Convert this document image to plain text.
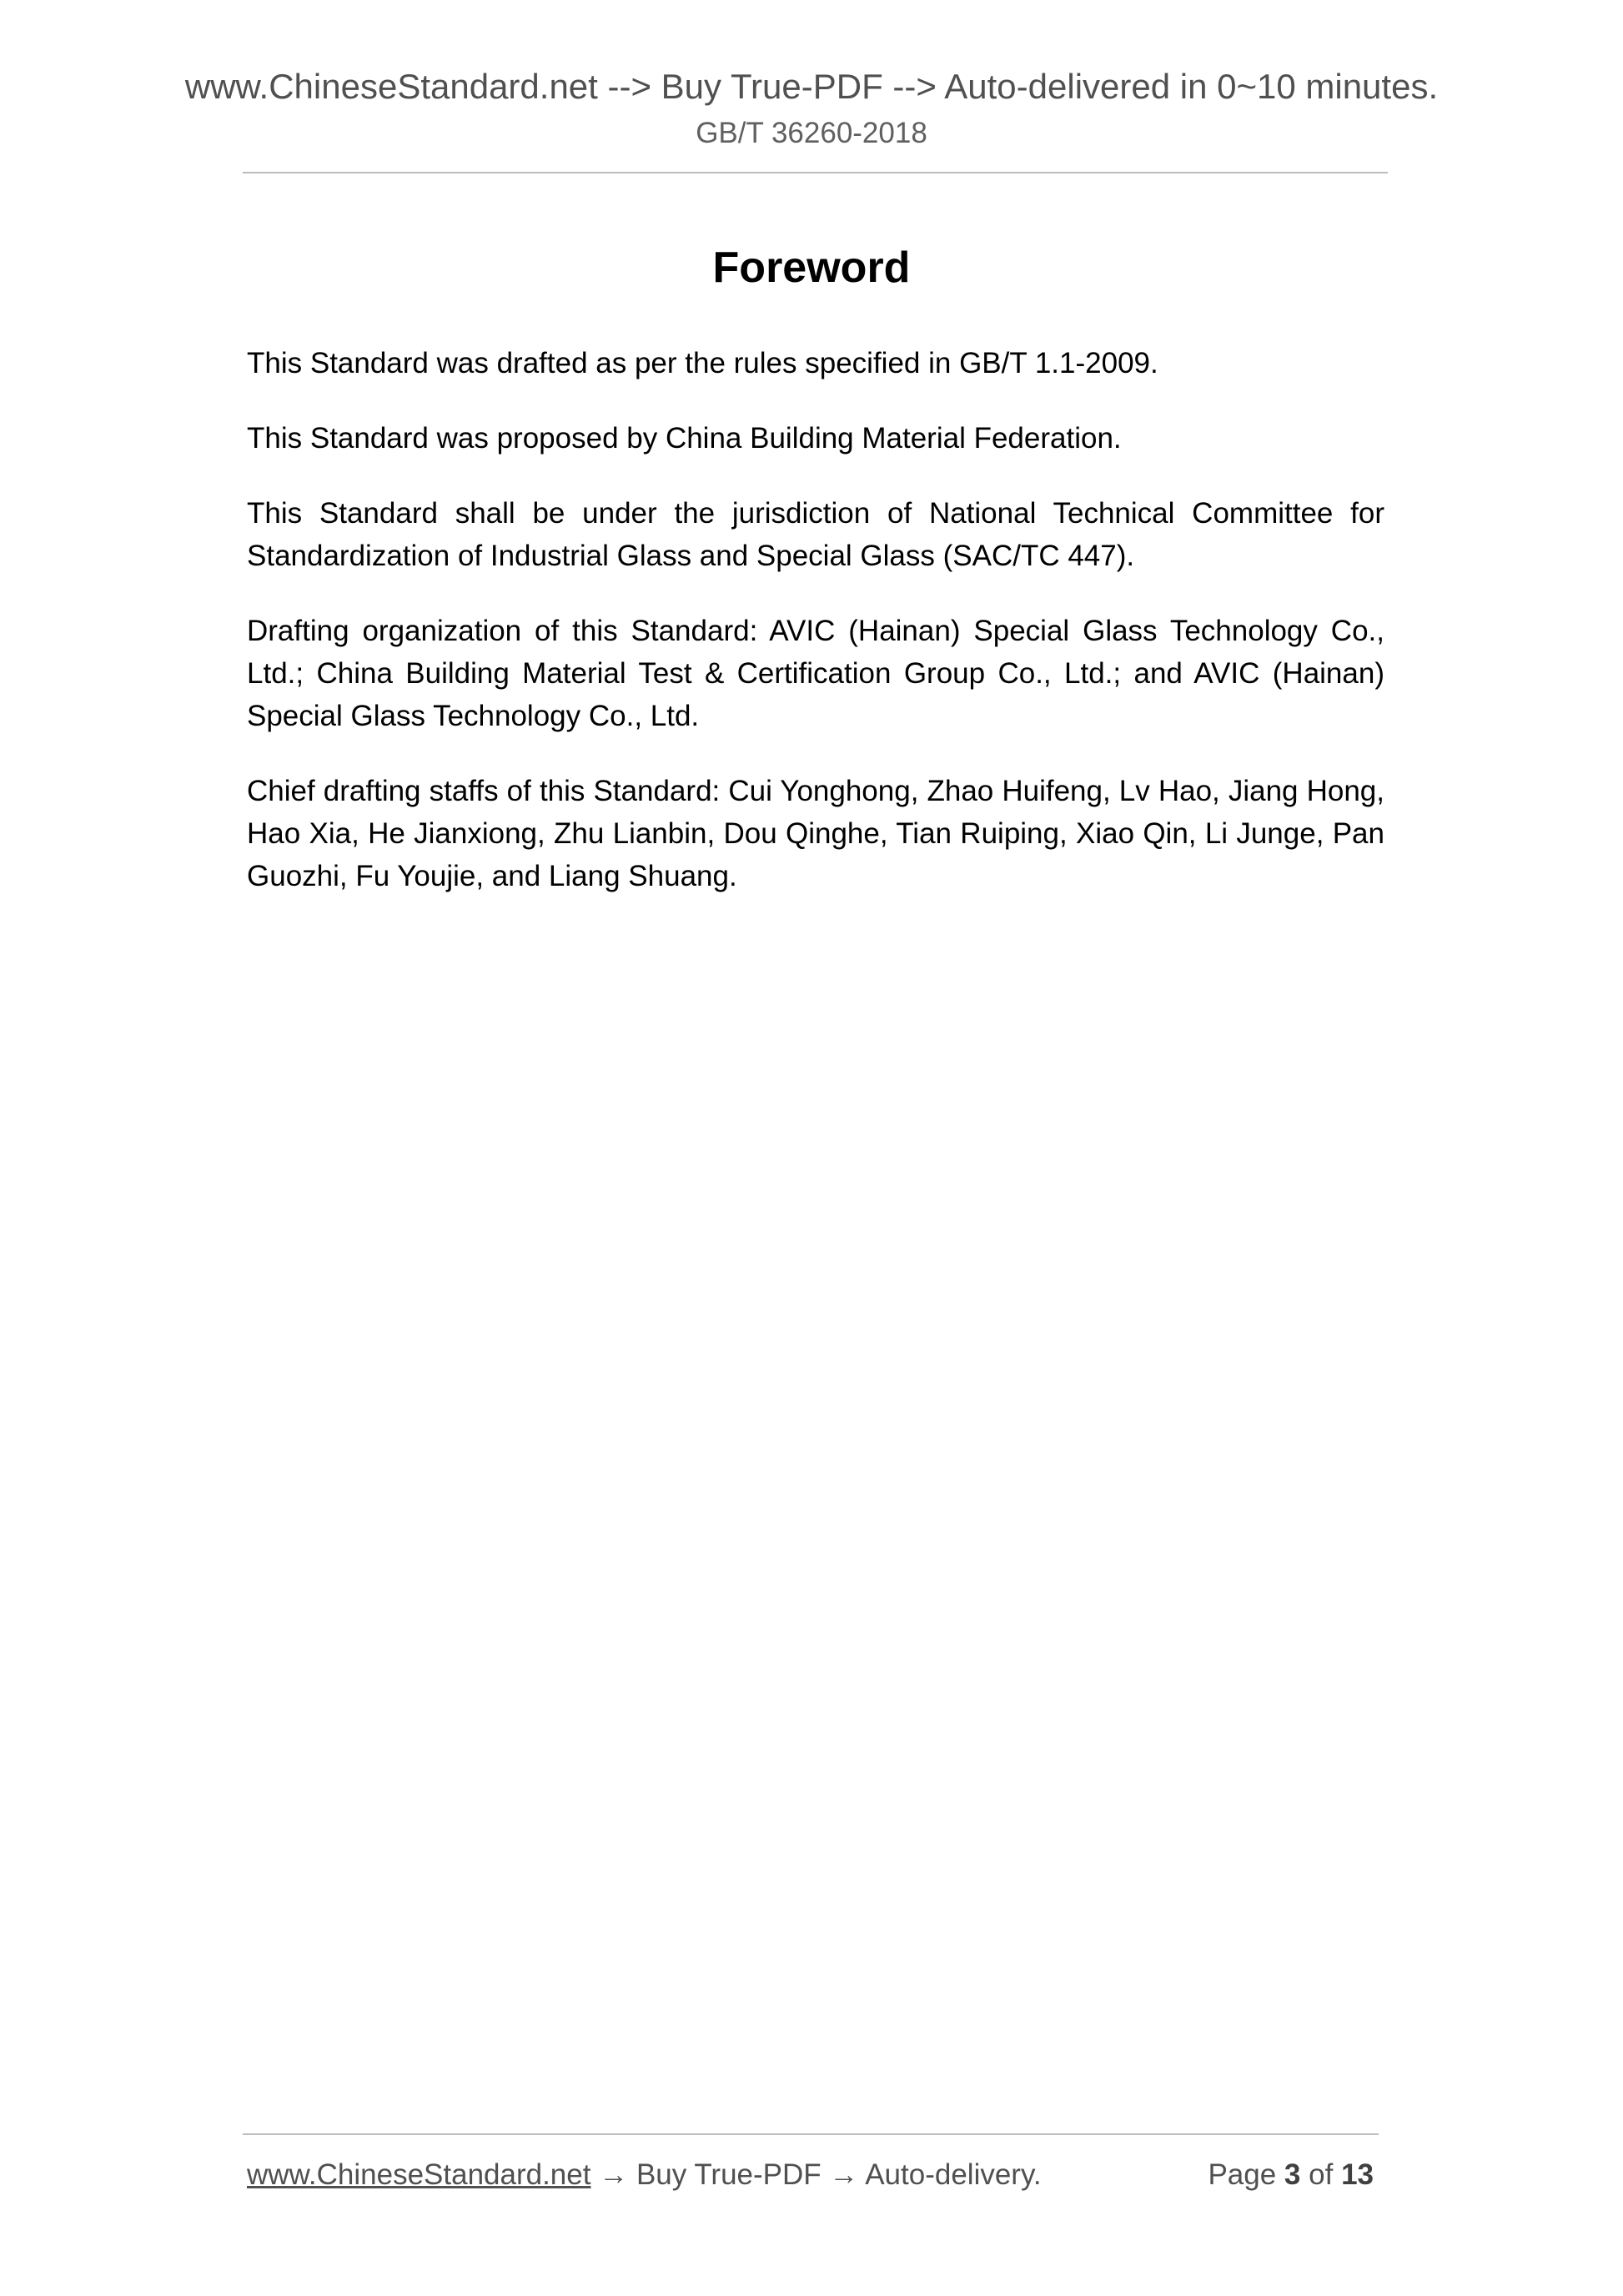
www.ChineseStandard.net --> Buy True-PDF --> Auto-delivered in 0~10 minutes.
GB/T 36260-2018
Foreword

This Standard was drafted as per the rules specified in GB/T 1.1-2009.

This Standard was proposed by China Building Material Federation.

This Standard shall be under the jurisdiction of National Technical Committee for Standardization of Industrial Glass and Special Glass (SAC/TC 447).

Drafting organization of this Standard: AVIC (Hainan) Special Glass Technology Co., Ltd.; China Building Material Test & Certification Group Co., Ltd.; and AVIC (Hainan) Special Glass Technology Co., Ltd.

Chief drafting staffs of this Standard: Cui Yonghong, Zhao Huifeng, Lv Hao, Jiang Hong, Hao Xia, He Jianxiong, Zhu Lianbin, Dou Qinghe, Tian Ruiping, Xiao Qin, Li Junge, Pan Guozhi, Fu Youjie, and Liang Shuang.

www.ChineseStandard.net → Buy True-PDF → Auto-delivery.	Page 3 of 13
